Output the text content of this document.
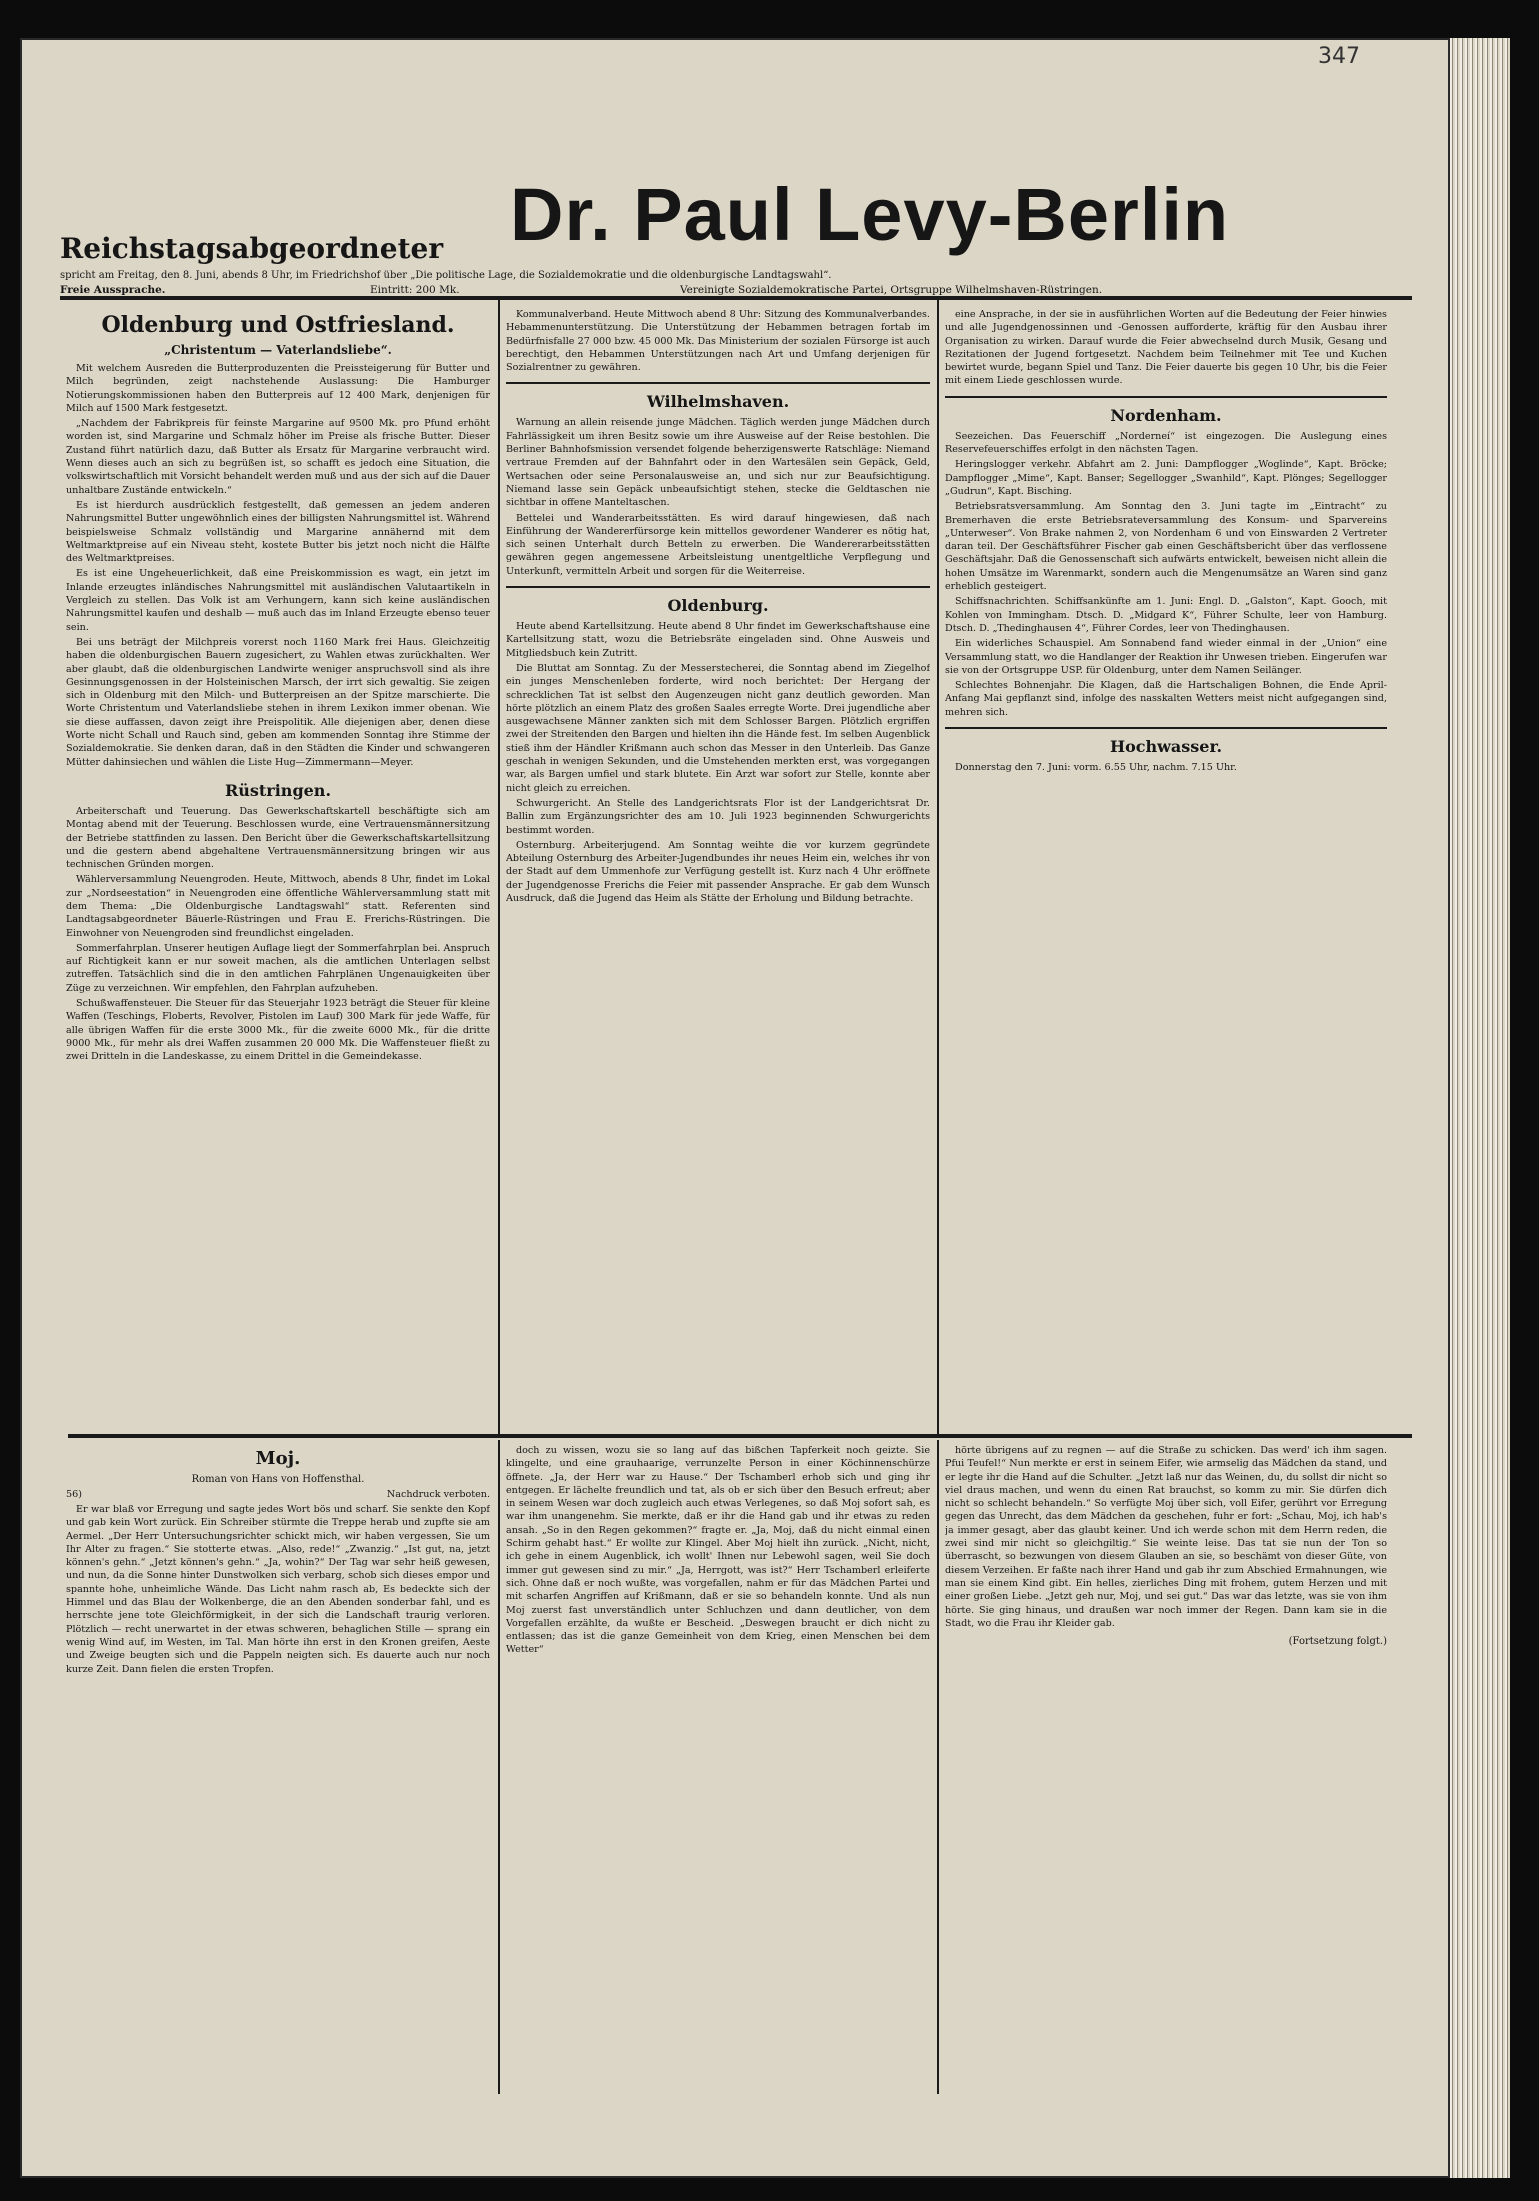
347
Reichstagsabgeordneter Dr. Paul Levy-Berlin
spricht am Freitag, den 8. Juni, abends 8 Uhr, im Friedrichshof über „Die politische Lage, die Sozialdemokratie und die oldenburgische Landtagswahl“.
Freie Aussprache.	Eintritt: 200 Mk.	Vereinigte Sozialdemokratische Partei, Ortsgruppe Wilhelmshaven-Rüstringen.
Oldenburg und Ostfriesland.
„Christentum — Vaterlandsliebe“.

Mit welchem Ausreden die Butterproduzenten die Preissteigerung für Butter und Milch begründen, zeigt nachstehende Auslassung: Die Hamburger Notierungskommissionen haben den Butterpreis auf 12 400 Mark, denjenigen für Milch auf 1500 Mark festgesetzt.

„Nachdem der Fabrikpreis für feinste Margarine auf 9500 Mk. pro Pfund erhöht worden ist, sind Margarine und Schmalz höher im Preise als frische Butter. Dieser Zustand führt natürlich dazu, daß Butter als Ersatz für Margarine verbraucht wird. Wenn dieses auch an sich zu begrüßen ist, so schafft es jedoch eine Situation, die volkswirtschaftlich mit Vorsicht behandelt werden muß und aus der sich auf die Dauer unhaltbare Zustände entwickeln.“

Es ist hierdurch ausdrücklich festgestellt, daß gemessen an jedem anderen Nahrungsmittel Butter ungewöhnlich eines der billigsten Nahrungsmittel ist. Während beispielsweise Schmalz vollständig und Margarine annähernd mit dem Weltmarktpreise auf ein Niveau steht, kostete Butter bis jetzt noch nicht die Hälfte des Weltmarktpreises.

Es ist eine Ungeheuerlichkeit, daß eine Preiskommission es wagt, ein jetzt im Inlande erzeugtes inländisches Nahrungsmittel mit ausländischen Valutaartikeln in Vergleich zu stellen. Das Volk ist am Verhungern, kann sich keine ausländischen Nahrungsmittel kaufen und deshalb — muß auch das im Inland Erzeugte ebenso teuer sein.

Bei uns beträgt der Milchpreis vorerst noch 1160 Mark frei Haus. Gleichzeitig haben die oldenburgischen Bauern zugesichert, zu Wahlen etwas zurückhalten. Wer aber glaubt, daß die oldenburgischen Landwirte weniger anspruchsvoll sind als ihre Gesinnungsgenossen in der Holsteinischen Marsch, der irrt sich gewaltig. Sie zeigen sich in Oldenburg mit den Milch- und Butterpreisen an der Spitze marschierte. Die Worte Christentum und Vaterlandsliebe stehen in ihrem Lexikon immer obenan. Wie sie diese auffassen, davon zeigt ihre Preispolitik. Alle diejenigen aber, denen diese Worte nicht Schall und Rauch sind, geben am kommenden Sonntag ihre Stimme der Sozialdemokratie. Sie denken daran, daß in den Städten die Kinder und schwangeren Mütter dahinsiechen und wählen die Liste Hug—Zimmermann—Meyer.

Rüstringen.

Arbeiterschaft und Teuerung. Das Gewerkschaftskartell beschäftigte sich am Montag abend mit der Teuerung. Beschlossen wurde, eine Vertrauensmännersitzung der Betriebe stattfinden zu lassen. Den Bericht über die Gewerkschaftskartellsitzung und die gestern abend abgehaltene Vertrauensmännersitzung bringen wir aus technischen Gründen morgen.

Wählerversammlung Neuengroden. Heute, Mittwoch, abends 8 Uhr, findet im Lokal zur „Nordseestation“ in Neuengroden eine öffentliche Wählerversammlung statt mit dem Thema: „Die Oldenburgische Landtagswahl“ statt. Referenten sind Landtagsabgeordneter Bäuerle-Rüstringen und Frau E. Frerichs-Rüstringen. Die Einwohner von Neuengroden sind freundlichst eingeladen.

Sommerfahrplan. Unserer heutigen Auflage liegt der Sommerfahrplan bei. Anspruch auf Richtigkeit kann er nur soweit machen, als die amtlichen Unterlagen selbst zutreffen. Tatsächlich sind die in den amtlichen Fahrplänen Ungenauigkeiten über Züge zu verzeichnen. Wir empfehlen, den Fahrplan aufzuheben.

Schußwaffensteuer. Die Steuer für das Steuerjahr 1923 beträgt die Steuer für kleine Waffen (Teschings, Floberts, Revolver, Pistolen im Lauf) 300 Mark für jede Waffe, für alle übrigen Waffen für die erste 3000 Mk., für die zweite 6000 Mk., für die dritte 9000 Mk., für mehr als drei Waffen zusammen 20 000 Mk. Die Waffensteuer fließt zu zwei Dritteln in die Landeskasse, zu einem Drittel in die Gemeindekasse.

Kommunalverband. Heute Mittwoch abend 8 Uhr: Sitzung des Kommunalverbandes. Hebammenunterstützung. Die Unterstützung der Hebammen betragen fortab im Bedürfnisfalle 27 000 bzw. 45 000 Mk. Das Ministerium der sozialen Fürsorge ist auch berechtigt, den Hebammen Unterstützungen nach Art und Umfang derjenigen für Sozialrentner zu gewähren.

Wilhelmshaven.

Warnung an allein reisende junge Mädchen. Täglich werden junge Mädchen durch Fahrlässigkeit um ihren Besitz sowie um ihre Ausweise auf der Reise bestohlen. Die Berliner Bahnhofsmission versendet folgende beherzigenswerte Ratschläge: Niemand vertraue Fremden auf der Bahnfahrt oder in den Wartesälen sein Gepäck, Geld, Wertsachen oder seine Personalausweise an, und sich nur zur Beaufsichtigung. Niemand lasse sein Gepäck unbeaufsichtigt stehen, stecke die Geldtaschen nie sichtbar in offene Manteltaschen.

Bettelei und Wanderarbeitsstätten. Es wird darauf hingewiesen, daß nach Einführung der Wandererfürsorge kein mittellos gewordener Wanderer es nötig hat, sich seinen Unterhalt durch Betteln zu erwerben. Die Wandererarbeitsstätten gewähren gegen angemessene Arbeitsleistung unentgeltliche Verpflegung und Unterkunft, vermitteln Arbeit und sorgen für die Weiterreise.

Oldenburg.

Heute abend Kartellsitzung. Heute abend 8 Uhr findet im Gewerkschaftshause eine Kartellsitzung statt, wozu die Betriebsräte eingeladen sind. Ohne Ausweis und Mitgliedsbuch kein Zutritt.

Die Bluttat am Sonntag. Zu der Messerstecherei, die Sonntag abend im Ziegelhof ein junges Menschenleben forderte, wird noch berichtet: Der Hergang der schrecklichen Tat ist selbst den Augenzeugen nicht ganz deutlich geworden. Man hörte plötzlich an einem Platz des großen Saales erregte Worte. Drei jugendliche aber ausgewachsene Männer zankten sich mit dem Schlosser Bargen. Plötzlich ergriffen zwei der Streitenden den Bargen und hielten ihn die Hände fest. Im selben Augenblick stieß ihm der Händler Krißmann auch schon das Messer in den Unterleib. Das Ganze geschah in wenigen Sekunden, und die Umstehenden merkten erst, was vorgegangen war, als Bargen umfiel und stark blutete. Ein Arzt war sofort zur Stelle, konnte aber nicht gleich zu erreichen.

Schwurgericht. An Stelle des Landgerichtsrats Flor ist der Landgerichtsrat Dr. Ballin zum Ergänzungsrichter des am 10. Juli 1923 beginnenden Schwurgerichts bestimmt worden.

Osternburg. Arbeiterjugend. Am Sonntag weihte die vor kurzem gegründete Abteilung Osternburg des Arbeiter-Jugendbundes ihr neues Heim ein, welches ihr von der Stadt auf dem Ummenhofe zur Verfügung gestellt ist. Kurz nach 4 Uhr eröffnete der Jugendgenosse Frerichs die Feier mit passender Ansprache. Er gab dem Wunsch Ausdruck, daß die Jugend das Heim als Stätte der Erholung und Bildung betrachte.

eine Ansprache, in der sie in ausführlichen Worten auf die Bedeutung der Feier hinwies und alle Jugendgenossinnen und -Genossen aufforderte, kräftig für den Ausbau ihrer Organisation zu wirken. Darauf wurde die Feier abwechselnd durch Musik, Gesang und Rezitationen der Jugend fortgesetzt. Nachdem beim Teilnehmer mit Tee und Kuchen bewirtet wurde, begann Spiel und Tanz. Die Feier dauerte bis gegen 10 Uhr, bis die Feier mit einem Liede geschlossen wurde.

Nordenham.

Seezeichen. Das Feuerschiff „Norderneí“ ist eingezogen. Die Auslegung eines Reservefeuerschiffes erfolgt in den nächsten Tagen.

Heringslogger verkehr. Abfahrt am 2. Juni: Dampflogger „Woglinde“, Kapt. Bröcke; Dampflogger „Mime“, Kapt. Banser; Segellogger „Swanhild“, Kapt. Plönges; Segellogger „Gudrun“, Kapt. Bisching.

Betriebsratsversammlung. Am Sonntag den 3. Juni tagte im „Eintracht“ zu Bremerhaven die erste Betriebsrateversammlung des Konsum- und Sparvereins „Unterweser“. Von Brake nahmen 2, von Nordenham 6 und von Einswarden 2 Vertreter daran teil. Der Geschäftsführer Fischer gab einen Geschäftsbericht über das verflossene Geschäftsjahr. Daß die Genossenschaft sich aufwärts entwickelt, beweisen nicht allein die hohen Umsätze im Warenmarkt, sondern auch die Mengenumsätze an Waren sind ganz erheblich gesteigert.

Schiffsnachrichten. Schiffsankünfte am 1. Juni: Engl. D. „Galston“, Kapt. Gooch, mit Kohlen von Immingham. Dtsch. D. „Midgard K“, Führer Schulte, leer von Hamburg. Dtsch. D. „Thedinghausen 4“, Führer Cordes, leer von Thedinghausen.

Ein widerliches Schauspiel. Am Sonnabend fand wieder einmal in der „Union“ eine Versammlung statt, wo die Handlanger der Reaktion ihr Unwesen trieben. Eingerufen war sie von der Ortsgruppe USP. für Oldenburg, unter dem Namen Seilänger.

Schlechtes Bohnenjahr. Die Klagen, daß die Hartschaligen Bohnen, die Ende April-Anfang Mai gepflanzt sind, infolge des nasskalten Wetters meist nicht aufgegangen sind, mehren sich.

Hochwasser.

Donnerstag den 7. Juni: vorm. 6.55 Uhr, nachm. 7.15 Uhr.

Moj.
Roman von Hans von Hoffensthal.
56)	Nachdruck verboten.

Er war blaß vor Erregung und sagte jedes Wort bös und scharf. Sie senkte den Kopf und gab kein Wort zurück. Ein Schreiber stürmte die Treppe herab und zupfte sie am Aermel. „Der Herr Untersuchungsrichter schickt mich, wir haben vergessen, Sie um Ihr Alter zu fragen.“ Sie stotterte etwas. „Also, rede!“ „Zwanzig.“ „Ist gut, na, jetzt können's gehn.“ „Jetzt können's gehn.“ „Ja, wohin?“ Der Tag war sehr heiß gewesen, und nun, da die Sonne hinter Dunstwolken sich verbarg, schob sich dieses empor und spannte hohe, unheimliche Wände. Das Licht nahm rasch ab, Es bedeckte sich der Himmel und das Blau der Wolkenberge, die an den Abenden sonderbar fahl, und es herrschte jene tote Gleichförmigkeit, in der sich die Landschaft traurig verloren. Plötzlich — recht unerwartet in der etwas schweren, behaglichen Stille — sprang ein wenig Wind auf, im Westen, im Tal. Man hörte ihn erst in den Kronen greifen, Aeste und Zweige beugten sich und die Pappeln neigten sich. Es dauerte auch nur noch kurze Zeit. Dann fielen die ersten Tropfen.

doch zu wissen, wozu sie so lang auf das bißchen Tapferkeit noch geizte. Sie klingelte, und eine grauhaarige, verrunzelte Person in einer Köchinnenschürze öffnete. „Ja, der Herr war zu Hause.“ Der Tschamberl erhob sich und ging ihr entgegen. Er lächelte freundlich und tat, als ob er sich über den Besuch erfreut; aber in seinem Wesen war doch zugleich auch etwas Verlegenes, so daß Moj sofort sah, es war ihm unangenehm. Sie merkte, daß er ihr die Hand gab und ihr etwas zu reden ansah. „So in den Regen gekommen?“ fragte er. „Ja, Moj, daß du nicht einmal einen Schirm gehabt hast.“ Er wollte zur Klingel. Aber Moj hielt ihn zurück. „Nicht, nicht, ich gehe in einem Augenblick, ich wollt' Ihnen nur Lebewohl sagen, weil Sie doch immer gut gewesen sind zu mir.“ „Ja, Herrgott, was ist?“ Herr Tschamberl erleiferte sich. Ohne daß er noch wußte, was vorgefallen, nahm er für das Mädchen Partei und mit scharfen Angriffen auf Krißmann, daß er sie so behandeln konnte. Und als nun Moj zuerst fast unverständlich unter Schluchzen und dann deutlicher, von dem Vorgefallen erzählte, da wußte er Bescheid. „Deswegen braucht er dich nicht zu entlassen; das ist die ganze Gemeinheit von dem Krieg, einen Menschen bei dem Wetter“

hörte übrigens auf zu regnen — auf die Straße zu schicken. Das werd' ich ihm sagen. Pfui Teufel!“ Nun merkte er erst in seinem Eifer, wie armselig das Mädchen da stand, und er legte ihr die Hand auf die Schulter. „Jetzt laß nur das Weinen, du, du sollst dir nicht so viel draus machen, und wenn du einen Rat brauchst, so komm zu mir. Sie dürfen dich nicht so schlecht behandeln.“ So verfügte Moj über sich, voll Eifer, gerührt vor Erregung gegen das Unrecht, das dem Mädchen da geschehen, fuhr er fort: „Schau, Moj, ich hab's ja immer gesagt, aber das glaubt keiner. Und ich werde schon mit dem Herrn reden, die zwei sind mir nicht so gleichgiltig.“ Sie weinte leise. Das tat sie nun der Ton so überrascht, so bezwungen von diesem Glauben an sie, so beschämt von dieser Güte, von diesem Verzeihen. Er faßte nach ihrer Hand und gab ihr zum Abschied Ermahnungen, wie man sie einem Kind gibt. Ein helles, zierliches Ding mit frohem, gutem Herzen und mit einer großen Liebe. „Jetzt geh nur, Moj, und sei gut.“ Das war das letzte, was sie von ihm hörte. Sie ging hinaus, und draußen war noch immer der Regen. Dann kam sie in die Stadt, wo die Frau ihr Kleider gab.

(Fortsetzung folgt.)
